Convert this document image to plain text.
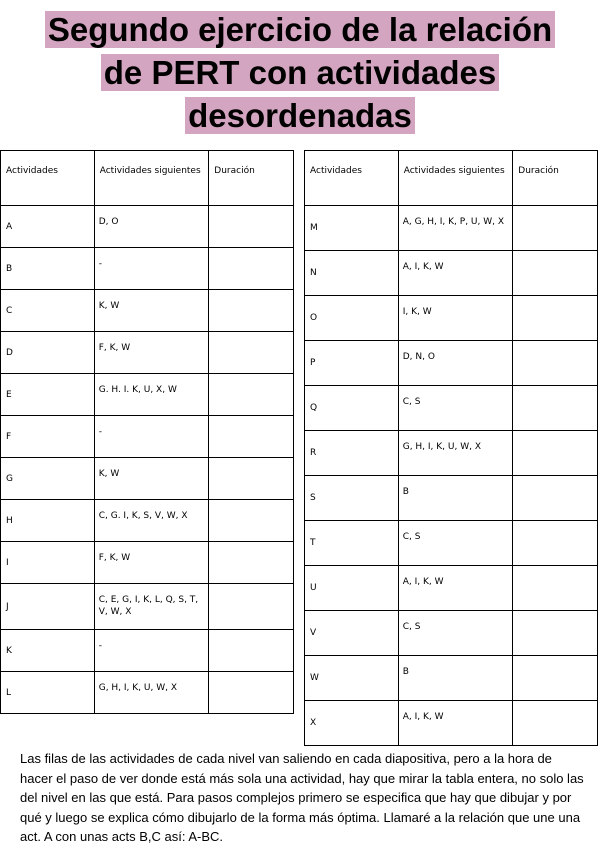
Segundo ejercicio de la relación
de PERT con actividades
desordenadas
Actividades	Actividades siguientes	Duración
A	D, O	
B	-	
C	K, W	
D	F, K, W	
E	G. H. I. K, U, X, W	
F	-	
G	K, W	
H	C, G. I, K, S, V, W, X	
I	F, K, W	
J	C, E, G, I, K, L, Q, S, T, V, W, X	
K	-	
L	G, H, I, K, U, W, X	
Actividades	Actividades siguientes	Duración
M	A, G, H, I, K, P, U, W, X	
N	A, I, K, W	
O	I, K, W	
P	D, N, O	
Q	C, S	
R	G, H, I, K, U, W, X	
S	B	
T	C, S	
U	A, I, K, W	
V	C, S	
W	B	
X	A, I, K, W	

Las filas de las actividades de cada nivel van saliendo en cada diapositiva, pero a la hora de hacer el paso de ver donde está más sola una actividad, hay que mirar la tabla entera, no solo las del nivel en las que está. Para pasos complejos primero se especifica que hay que dibujar y por qué y luego se explica cómo dibujarlo de la forma más óptima. Llamaré a la relación que une una act. A con unas acts B,C así: A-BC.
